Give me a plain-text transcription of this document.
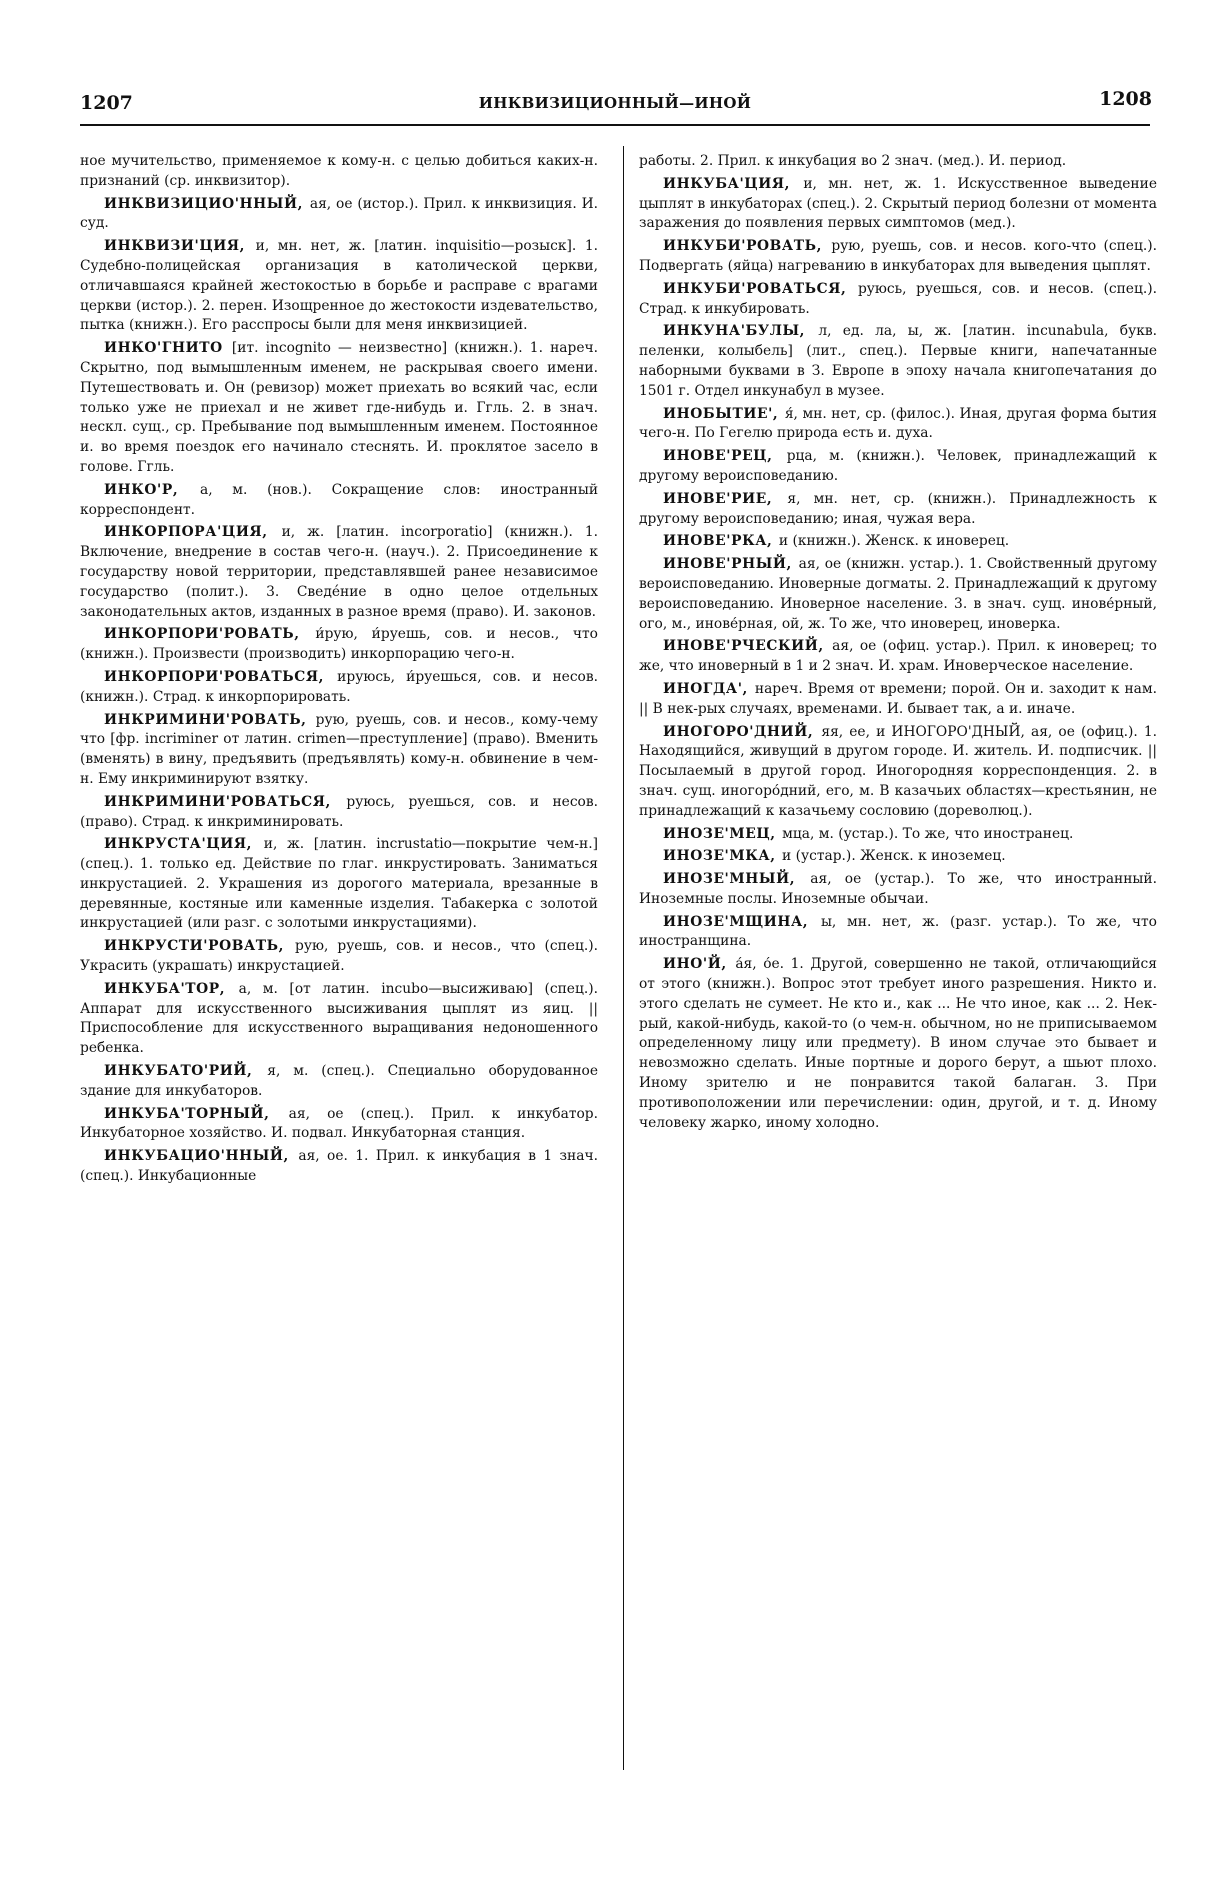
1207	ИНКВИЗИЦИОННЫЙ—ИНОЙ	1208

ное мучительство, применяемое к кому-н. с целью добиться каких-н. признаний (ср. инквизитор).

ИНКВИЗИЦИО'ННЫЙ, ая, ое (истор.). Прил. к инквизиция. И. суд.

ИНКВИЗИ'ЦИЯ, и, мн. нет, ж. [латин. inquisitio—розыск]. 1. Судебно-полицейская организация в католической церкви, отличавшаяся крайней жестокостью в борьбе и расправе с врагами церкви (истор.). 2. перен. Изощренное до жестокости издевательство, пытка (книжн.). Его расспросы были для меня инквизицией.

ИНКО'ГНИТО [ит. incognito — неизвестно] (книжн.). 1. нареч. Скрытно, под вымышленным именем, не раскрывая своего имени. Путешествовать и. Он (ревизор) может приехать во всякий час, если только уже не приехал и не живет где-нибудь и. Ггль. 2. в знач. нескл. сущ., ср. Пребывание под вымышленным именем. Постоянное и. во время поездок его начинало стеснять. И. проклятое засело в голове. Ггль.

ИНКО'Р, а, м. (нов.). Сокращение слов: иностранный корреспондент.

ИНКОРПОРА'ЦИЯ, и, ж. [латин. incorporatio] (книжн.). 1. Включение, внедрение в состав чего-н. (науч.). 2. Присоединение к государству новой территории, представлявшей ранее независимое государство (полит.). 3. Сведéние в одно целое отдельных законодательных актов, изданных в разное время (право). И. законов.

ИНКОРПОРИ'РОВАТЬ, и́рую, и́руешь, сов. и несов., что (книжн.). Произвести (производить) инкорпорацию чего-н.

ИНКОРПОРИ'РОВАТЬСЯ, ируюсь, и́руешься, сов. и несов. (книжн.). Страд. к инкорпорировать.

ИНКРИМИНИ'РОВАТЬ, рую, руешь, сов. и несов., кому-чему что [фр. incriminer от латин. crimen—преступление] (право). Вменить (вменять) в вину, предъявить (предъявлять) кому-н. обвинение в чем-н. Ему инкриминируют взятку.

ИНКРИМИНИ'РОВАТЬСЯ, руюсь, руешься, сов. и несов. (право). Страд. к инкриминировать.

ИНКРУСТА'ЦИЯ, и, ж. [латин. incrustatio—покрытие чем-н.] (спец.). 1. только ед. Действие по глаг. инкрустировать. Заниматься инкрустацией. 2. Украшения из дорогого материала, врезанные в деревянные, костяные или каменные изделия. Табакерка с золотой инкрустацией (или разг. с золотыми инкрустациями).

ИНКРУСТИ'РОВАТЬ, рую, руешь, сов. и несов., что (спец.). Украсить (украшать) инкрустацией.

ИНКУБА'ТОР, а, м. [от латин. incubo—высиживаю] (спец.). Аппарат для искусственного высиживания цыплят из яиц. || Приспособление для искусственного выращивания недоношенного ребенка.

ИНКУБАТО'РИЙ, я, м. (спец.). Специально оборудованное здание для инкубаторов.

ИНКУБА'ТОРНЫЙ, ая, ое (спец.). Прил. к инкубатор. Инкубаторное хозяйство. И. подвал. Инкубаторная станция.

ИНКУБАЦИО'ННЫЙ, ая, ое. 1. Прил. к инкубация в 1 знач. (спец.). Инкубационные

работы. 2. Прил. к инкубация во 2 знач. (мед.). И. период.

ИНКУБА'ЦИЯ, и, мн. нет, ж. 1. Искусственное выведение цыплят в инкубаторах (спец.). 2. Скрытый период болезни от момента заражения до появления первых симптомов (мед.).

ИНКУБИ'РОВАТЬ, рую, руешь, сов. и несов. кого-что (спец.). Подвергать (яйца) нагреванию в инкубаторах для выведения цыплят.

ИНКУБИ'РОВАТЬСЯ, руюсь, руешься, сов. и несов. (спец.). Страд. к инкубировать.

ИНКУНА'БУЛЫ, л, ед. ла, ы, ж. [латин. incunabula, букв. пеленки, колыбель] (лит., спец.). Первые книги, напечатанные наборными буквами в З. Европе в эпоху начала книгопечатания до 1501 г. Отдел инкунабул в музее.

ИНОБЫТИЕ', я́, мн. нет, ср. (филос.). Иная, другая форма бытия чего-н. По Гегелю природа есть и. духа.

ИНОВЕ'РЕЦ, рца, м. (книжн.). Человек, принадлежащий к другому вероисповеданию.

ИНОВЕ'РИЕ, я, мн. нет, ср. (книжн.). Принадлежность к другому вероисповеданию; иная, чужая вера.

ИНОВЕ'РКА, и (книжн.). Женск. к иноверец.

ИНОВЕ'РНЫЙ, ая, ое (книжн. устар.). 1. Свойственный другому вероисповеданию. Иноверные догматы. 2. Принадлежащий к другому вероисповеданию. Иноверное население. 3. в знач. сущ. инове́рный, ого, м., инове́рная, ой, ж. То же, что иноверец, иноверка.

ИНОВЕ'РЧЕСКИЙ, ая, ое (офиц. устар.). Прил. к иноверец; то же, что иноверный в 1 и 2 знач. И. храм. Иноверческое население.

ИНОГДА', нареч. Время от времени; порой. Он и. заходит к нам. || В нек-рых случаях, временами. И. бывает так, а и. иначе.

ИНОГОРО'ДНИЙ, яя, ее, и ИНОГОРО'ДНЫЙ, ая, ое (офиц.). 1. Находящийся, живущий в другом городе. И. житель. И. подписчик. || Посылаемый в другой город. Иногородняя корреспонденция. 2. в знач. сущ. иногоро́дний, его, м. В казачьих областях—крестьянин, не принадлежащий к казачьему сословию (дореволюц.).

ИНОЗЕ'МЕЦ, мца, м. (устар.). То же, что иностранец.

ИНОЗЕ'МКА, и (устар.). Женск. к иноземец.

ИНОЗЕ'МНЫЙ, ая, ое (устар.). То же, что иностранный. Иноземные послы. Иноземные обычаи.

ИНОЗЕ'МЩИНА, ы, мн. нет, ж. (разг. устар.). То же, что иностранщина.

ИНО'Й, а́я, о́е. 1. Другой, совершенно не такой, отличающийся от этого (книжн.). Вопрос этот требует иного разрешения. Никто и. этого сделать не сумеет. Не кто и., как ... Не что иное, как ... 2. Нек-рый, какой-нибудь, какой-то (о чем-н. обычном, но не приписываемом определенному лицу или предмету). В ином случае это бывает и невозможно сделать. Иные портные и дорого берут, а шьют плохо. Иному зрителю и не понравится такой балаган. 3. При противоположении или перечислении: один, другой, и т. д. Иному человеку жарко, иному холодно.
